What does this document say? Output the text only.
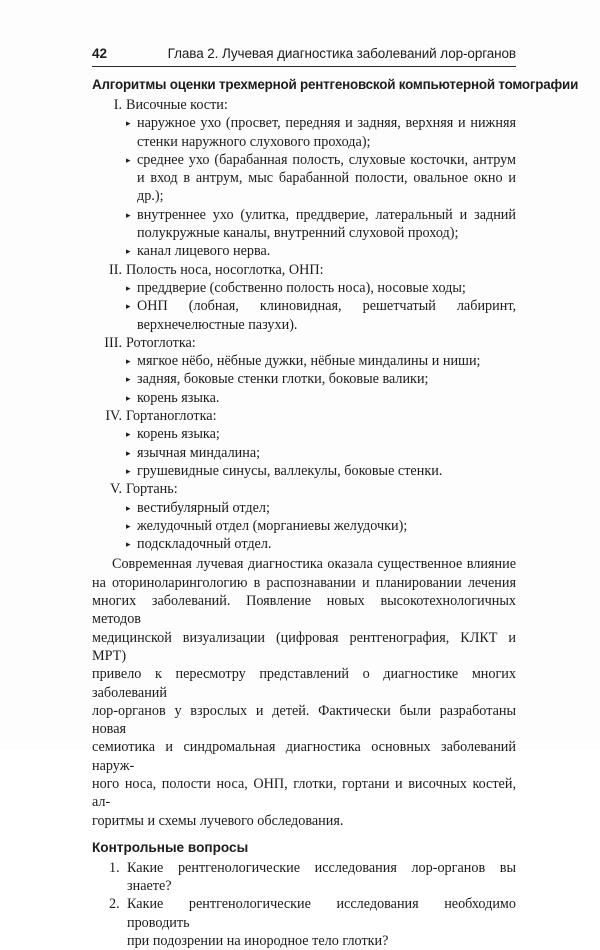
42	Глава 2. Лучевая диагностика заболеваний лор-органов
Алгоритмы оценки трехмерной рентгеновской компьютерной томографии
I. Височные кости:
▸ наружное ухо (просвет, передняя и задняя, верхняя и нижняя стенки наружного слухового прохода);
▸ среднее ухо (барабанная полость, слуховые косточки, антрум и вход в антрум, мыс барабанной полости, овальное окно и др.);
▸ внутреннее ухо (улитка, преддверие, латеральный и задний полукружные каналы, внутренний слуховой проход);
▸ канал лицевого нерва.
II. Полость носа, носоглотка, ОНП:
▸ преддверие (собственно полость носа), носовые ходы;
▸ ОНП (лобная, клиновидная, решетчатый лабиринт, верхнечелюстные пазухи).
III. Ротоглотка:
▸ мягкое нёбо, нёбные дужки, нёбные миндалины и ниши;
▸ задняя, боковые стенки глотки, боковые валики;
▸ корень языка.
IV. Гортаноглотка:
▸ корень языка;
▸ язычная миндалина;
▸ грушевидные синусы, валлекулы, боковые стенки.
V. Гортань:
▸ вестибулярный отдел;
▸ желудочный отдел (морганиевы желудочки);
▸ подскладочный отдел.
Современная лучевая диагностика оказала существенное влияние
на оториноларингологию в распознавании и планировании лечения
многих заболеваний. Появление новых высокотехнологичных методов
медицинской визуализации (цифровая рентгенография, КЛКТ и МРТ)
привело к пересмотру представлений о диагностике многих заболеваний
лор-органов у взрослых и детей. Фактически были разработаны новая
семиотика и синдромальная диагностика основных заболеваний наруж-
ного носа, полости носа, ОНП, глотки, гортани и височных костей, ал-
горитмы и схемы лучевого обследования.
Контрольные вопросы
1. Какие рентгенологические исследования лор-органов вы знаете?
2. Какие рентгенологические исследования необходимо проводить
при подозрении на инородное тело глотки?
